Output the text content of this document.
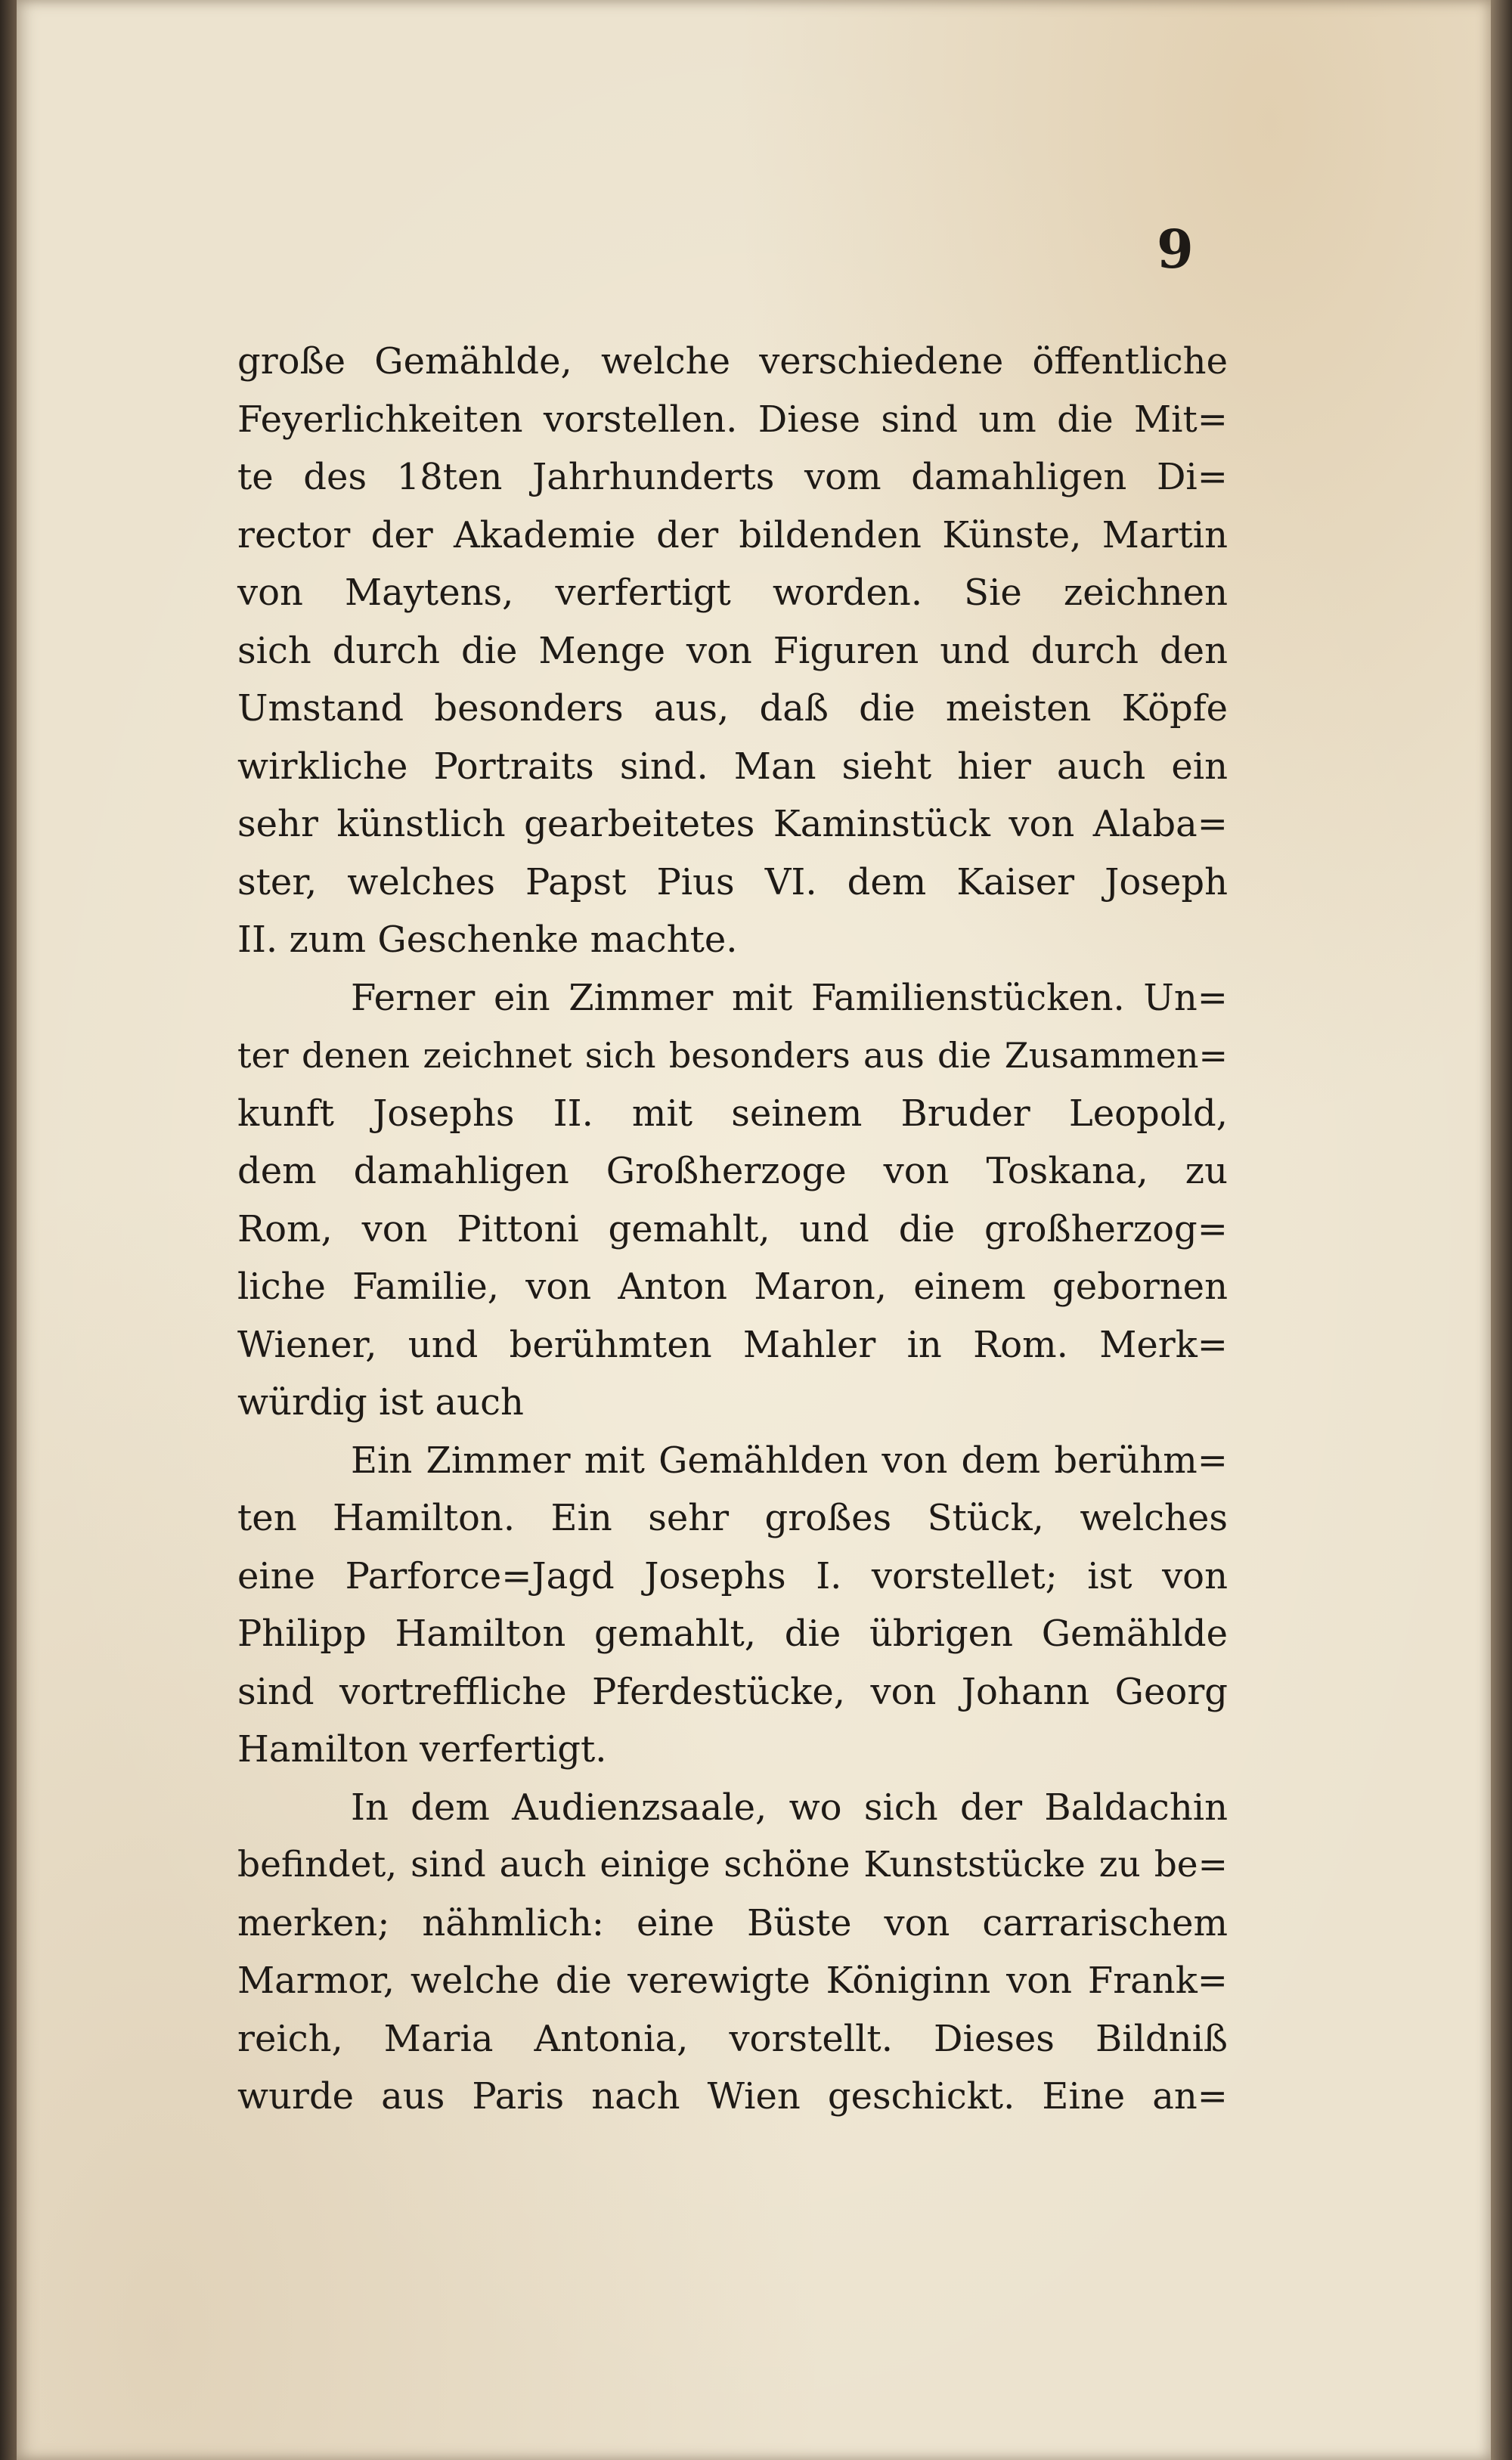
9
große Gemählde, welche verschiedene öffentliche
Feyerlichkeiten vorstellen. Diese sind um die Mit=
te des 18ten Jahrhunderts vom damahligen Di=
rector der Akademie der bildenden Künste, Martin
von Maytens, verfertigt worden. Sie zeichnen
sich durch die Menge von Figuren und durch den
Umstand besonders aus, daß die meisten Köpfe
wirkliche Portraits sind. Man sieht hier auch ein
sehr künstlich gearbeitetes Kaminstück von Alaba=
ster, welches Papst Pius VI. dem Kaiser Joseph
II. zum Geschenke machte.
Ferner ein Zimmer mit Familienstücken. Un=
ter denen zeichnet sich besonders aus die Zusammen=
kunft Josephs II. mit seinem Bruder Leopold,
dem damahligen Großherzoge von Toskana, zu
Rom, von Pittoni gemahlt, und die großherzog=
liche Familie, von Anton Maron, einem gebornen
Wiener, und berühmten Mahler in Rom. Merk=
würdig ist auch
Ein Zimmer mit Gemählden von dem berühm=
ten Hamilton. Ein sehr großes Stück, welches
eine Parforce=Jagd Josephs I. vorstellet; ist von
Philipp Hamilton gemahlt, die übrigen Gemählde
sind vortreffliche Pferdestücke, von Johann Georg
Hamilton verfertigt.
In dem Audienzsaale, wo sich der Baldachin
befindet, sind auch einige schöne Kunststücke zu be=
merken; nähmlich: eine Büste von carrarischem
Marmor, welche die verewigte Königinn von Frank=
reich, Maria Antonia, vorstellt. Dieses Bildniß
wurde aus Paris nach Wien geschickt. Eine an=
